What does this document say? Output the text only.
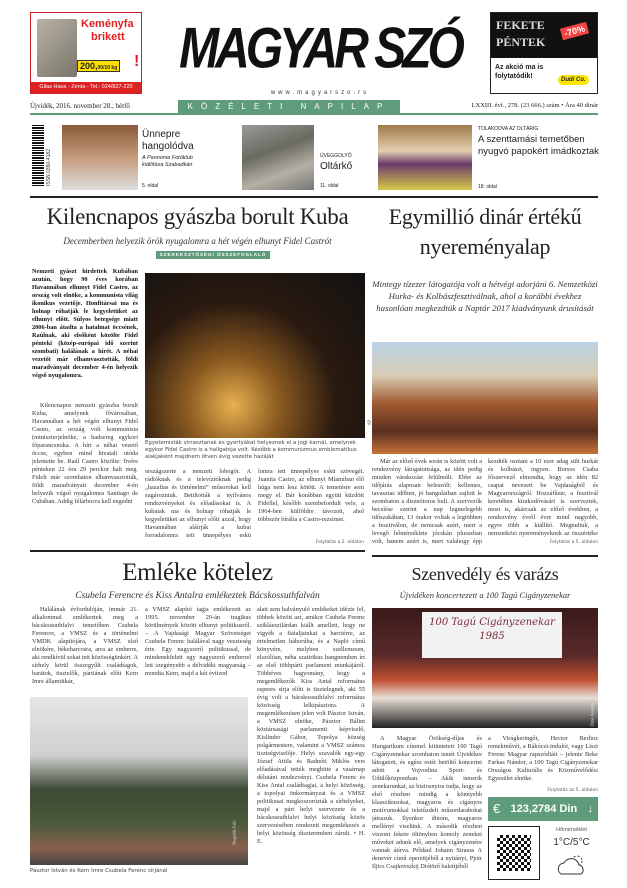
Keményfa
brikett
200,00/10 kg !
Gilas Haus - Zenta - Tel.: 024/827-220
MAGYAR SZÓ
www.magyarszo.rs
FEKETE
PÉNTEK
-70%
Az akció ma is folytatódik!	Dudi Co.
Újvidék, 2016. november 28., hétfő	KÖZÉLETI NAPILAP	LXXIII. évf., 278. (23 666.) szám • Ára 40 dinár
ISSN 0350-4182
Ünnepre hangolódva
A Pannonia Fotóklub kiállítása Szabadkán
5. oldal
ÜVEGGOLYÓ
Oltárkő
11. oldal
TOLAKODVA AZ OLTÁRIG
A szenttamási temetőben nyugvó papokért imádkoztak
18. oldal
Kilencnapos gyászba borult Kuba
Decemberben helyezik örök nyugalomra a hét végén elhunyt Fidel Castrót
SZERKESZTŐSÉGI ÖSSZEFOGLALÓ
Nemzeti gyászt hirdettek Kubában azután, hogy 90 éves korában Havannában elhunyt Fidel Castro, az ország volt elnöke, a kommunista világ ikonikus vezetője. Honfitársai ma és holnap róhatják le kegyeletüket az elhunyt előtt. Súlyos betegsége miatt 2006-ban átadta a hatalmat öccsének, Raúlnak, aki elsőként közölte Fidel pénteki (közép-európai idő szerint szombati) halálának a hírét. A néhai vezetőt már elhamvasztották, földi maradványait december 4-én helyezik végső nyugalomra.
Kilencnapos nemzeti gyászba borult Kuba, amelynek fővárosában, Havannában a hét végén elhunyt Fidel Castro, az ország volt kommunista (miniszter)elnöke, a hadsereg egykori főparancsnoka. A hírt a néhai vezető öccse, egyben mind hivatali utóda jelentette be. Raúl Castro közölte: fivére pénteken 22 óra 29 perckor halt meg. Fidelt már szombaton elhamvasztották, földi maradványait december 4-én helyezik végső nyugalomra Santiago de Cubában. Addig félárbocra kell engedni
AP
Egyetemisták virrasztanak és gyertyákat helyeznek el a jogi karnál, amelynek egykor Fidel Castro is a hallgatója volt. Később a kommunizmus emblematikus alakjaként majdnem ötven évig vezette hazáját
országszerte a nemzeti lobogót. A rádióknak és a televízióknak pedig „hazafias és történelmi” műsorokat kell sugározniuk. Betiltották a nyilvános rendezvényeket és előadásokat is. A kubaiak ma és holnap róhatják le kegyeletüket az elhunyt előtt azzal, hogy Havannában aláírják a kubai forradalomra tett ünnepélyes eskü
lomra tett ünnepélyes eskü szövegét. Juanita Castro, az elhunyt Miamiban élő húga nem lesz kötött. A temetésre sem megy el. Bár korábban együtt küzdött Fidellel, később szembefordult vele, a 1964-ben külföldre távozott, ahol többször bírálta a Castro-rezsimet.
Folytatás a 2. oldalon
Egymillió dinár értékű nyereményalap
Mintegy tízezer látogatója volt a hétvégi adorjáni 6. Nemzetközi Hurka- és Kolbászfesztiválnak, ahol a korábbi évekhez hasonlóan megkezdtük a Naptár 2017 kiadványunk árusítását
Már az előző évek során is között volt a rendezvény látogatottsága, az idén pedig minden várakozást felülmúlt. Ebbe az időjárás alaposan beleszólt: kellemes, tavaszias időben, jó hangulatban zajlott le szombaton a disznótoros buli. A szervezők becslése szerint a nap legmelegebb időszakában, 13 órakor voltak a legtöbben a fesztiválon, de nemcsak azért, mert a levegő hőmérséklete jócskán plusszban volt, hanem azért is, mert valahogy épp
kezdték osztani a 10 ezer adag sült hurkát és kolbászt, ingyen. Borsos Csaba főszervező elmondta, hogy az idén 82 csapat nevezett be Vajdaságból és Magyarországról. Hozzáfűzte, a fesztivál keretében kirakodóvásárt is szerveztek, most is, akárcsak az előző években, a rendezvény évről évre mind nagyobb, egyre több a kiállító. Megtudtuk, a nemzetközi nyereményeknek az összértéke
Folytatás a 5. oldalon
Emléke kötelez
Csubela Ferencre és Kiss Antalra emlékeztek Bácskossuthfalván
Halálának évfordulóján, immár 21. alkalommal emlékeztek meg a bácskossuthfalvi temetőben Csubela Ferencre, a VMSZ és a történelmi VMDK alapítójára, a VMSZ első elnökére, békeharcosra, arra az emberre, aki rendkívül sokat tett közösségünkért. A sírhely körül összegyűlt családtagok, barátok, tisztelők, pártiának előtt Kern Imre államtitkár,
a VMSZ alapító tagja emlékezett az 1995. november 20-án tragikus körülmények között elhunyt politikusról. – A Vajdasági Magyar Szövetséget Csubela Ferenc halálával nagy veszteség érte. Egy nagyszerű politikussal, de mindenekfelett egy nagyszerű emberrel lett szegényebb a délvidéki magyarság – mondta Kern, majd a két évtized
alatt sem halványuló emlékeket idézte fel, többek között azt, amikor Csubela Ferenc szikláeszilárdan kiállt amellett, hogy ne vigyék a fiataljainkat a harctérre, az értelmetlen háborúba, és a Napló című könyvére, melyben szellemesen, elszólóan, néha szatirikus hangnemben írt az első többpárti parlament munkájáról. Többéves hagyomány, hogy a megemlékezők Kiss Antal református esperes sírja előtt is tisztelegnek, aki 55 évig volt a bácskossuthfalvi református közösség lelkipásztora. A megemlékezésen jelen volt Pásztor István, a VMSZ elnöke, Pásztor Bálint köztársasági parlamenti képviselő, Kislinder Gábor, Topolya község polgármestere, valamint a VMSZ számos tisztségviselője. Helyi szavalók egy-egy József Attila és Radnóti Miklós vers előadásával tették meghitté a vasárnap délutáni rendezvényt. Csubela Ferenc és Kiss Antal családtagjai, a helyi közösség, a topolyai önkormányzat és a VMSZ politikusai megkoszorúzták a sírhelyeket, majd a párt helyi szervezete és a bácskossuthfalvi helyi közösség közös szervezésében rendezett megemlékezés a helyi közösség díszteremben zárult. • H. E.
Hegedűs Edit
Pásztor István és Kern Imre Csubela Ferenc sírjánál
Szenvedély és varázs
Újvidéken koncertezett a 100 Tagú Cigányzenekar
100 Tagú Cigányzenekar 1985
Dino Jesztrik
A Magyar Örökség-díjas és Hungarikum címmel kitüntetett 100 Tagú Cigányzenekar szombaton ismét Újvidékre látogatott, és egész estét betöltő koncertet adott a Vojvodina Sport- és Üdülőközpontban. – Akik ismerik zenekarunkat, az biztosnyira tudja, hogy az első részben mindig a könnyebb klasszikusokat, magyaros és cigányos motívumokkal teletűzdelt műsordarabokat játsszuk. Ilyenkor dinom, magyaros mellényt viselünk. A második részben viszont fekete öltönyben komoly zeneket műveket adunk elő, amelyek cigányzenére vannak átírva. Például Johann Strauss A denevér című operettjéből a nyitányt, Pjotr Iljics Csajkovszkij Diótörő balettjéből
a Virágkeringőt, Hector Berlioz remekművét, a Rákóczi-indulót, vagy Liszt Ferenc Magyar rapszódiáit – jelente Beke Farkas Nándor, a 100 Tagú Cigányzenekar Országos Kulturális és Közművelődési Egyesület elnöke.
Folytatás az 5. oldalon
€ 123,2784 Din ↓
Hőmérséklet
1°C/5°C
